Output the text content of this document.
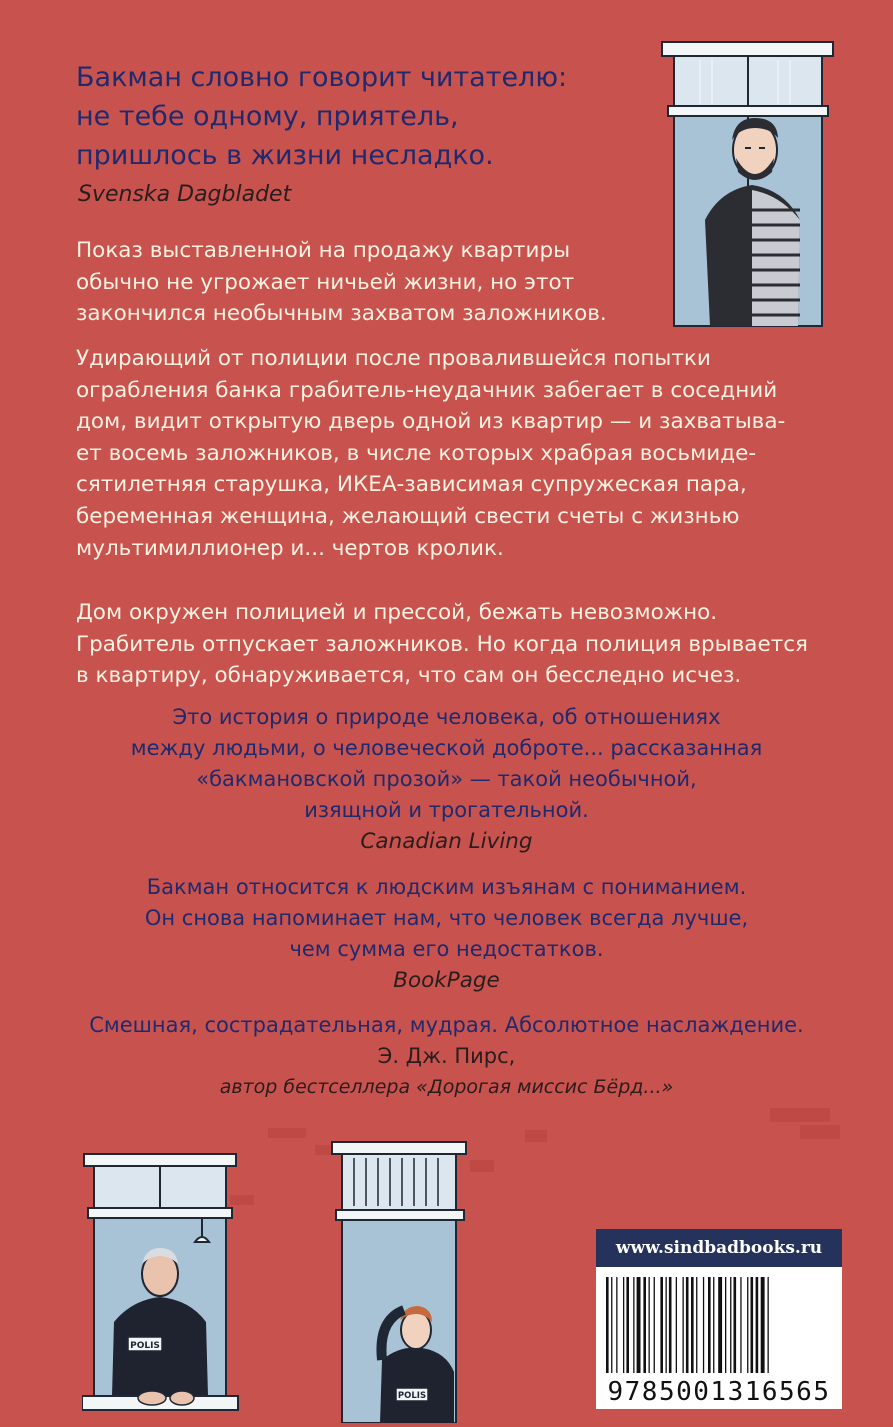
Бакман словно говорит читателю:
не тебе одному, приятель,
пришлось в жизни несладко.
Svenska Dagbladet
Показ выставленной на продажу квартиры
обычно не угрожает ничьей жизни, но этот
закончился необычным захватом заложников.
Удирающий от полиции после провалившейся попытки
ограбления банка грабитель-неудачник забегает в соседний
дом, видит открытую дверь одной из квартир — и захватыва-
ет восемь заложников, в числе которых храбрая восьмиде-
сятилетняя старушка, ИКЕА-зависимая супружеская пара,
беременная женщина, желающий свести счеты с жизнью
мультимиллионер и... чертов кролик.
Дом окружен полицией и прессой, бежать невозможно.
Грабитель отпускает заложников. Но когда полиция врывается
в квартиру, обнаруживается, что сам он бесследно исчез.
Это история о природе человека, об отношениях
между людьми, о человеческой доброте... рассказанная
«бакмановской прозой» — такой необычной,
изящной и трогательной.
Canadian Living
Бакман относится к людским изъянам с пониманием.
Он снова напоминает нам, что человек всегда лучше,
чем сумма его недостатков.
BookPage
Смешная, сострадательная, мудрая. Абсолютное наслаждение.
Э. Дж. Пирс,
автор бестселлера «Дорогая миссис Бёрд...»
POLIS
POLIS
www.sindbadbooks.ru
9785001316565
